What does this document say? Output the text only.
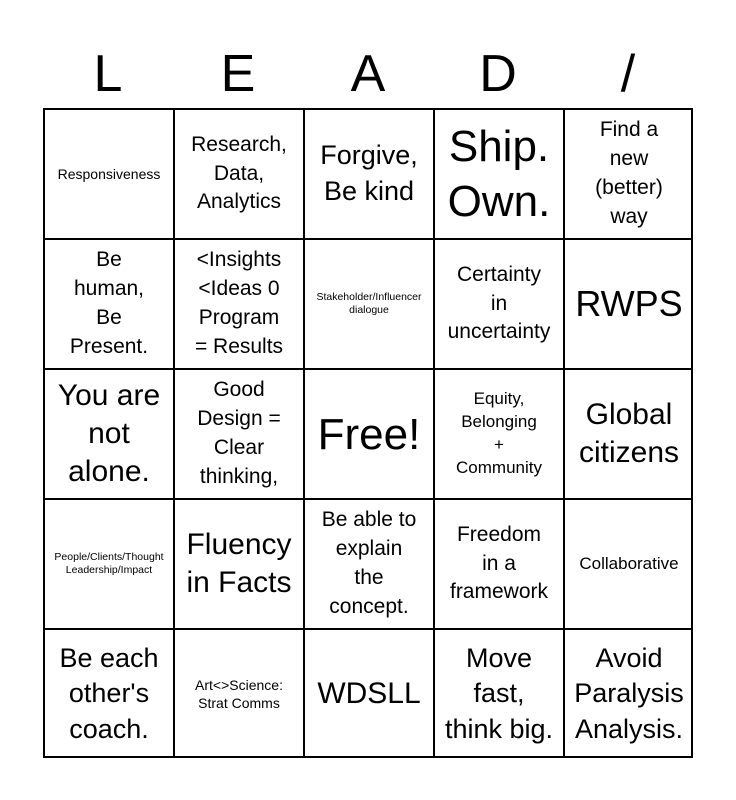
L	E	A	D	/
Responsiveness
Research,
Data,
Analytics
Forgive,
Be kind
Ship.
Own.
Find a
new
(better)
way
Be
human,
Be
Present.
<Insights
<Ideas 0
Program
= Results
Stakeholder/Influencer
dialogue
Certainty
in
uncertainty
RWPS
You are
not
alone.
Good
Design =
Clear
thinking,
Free!
Equity,
Belonging
+
Community
Global
citizens
People/Clients/Thought
Leadership/Impact
Fluency
in Facts
Be able to
explain
the
concept.
Freedom
in a
framework
Collaborative
Be each
other's
coach.
Art<>Science:
Strat Comms WDSLL
Move
fast,
think big.
Avoid
Paralysis
Analysis.
